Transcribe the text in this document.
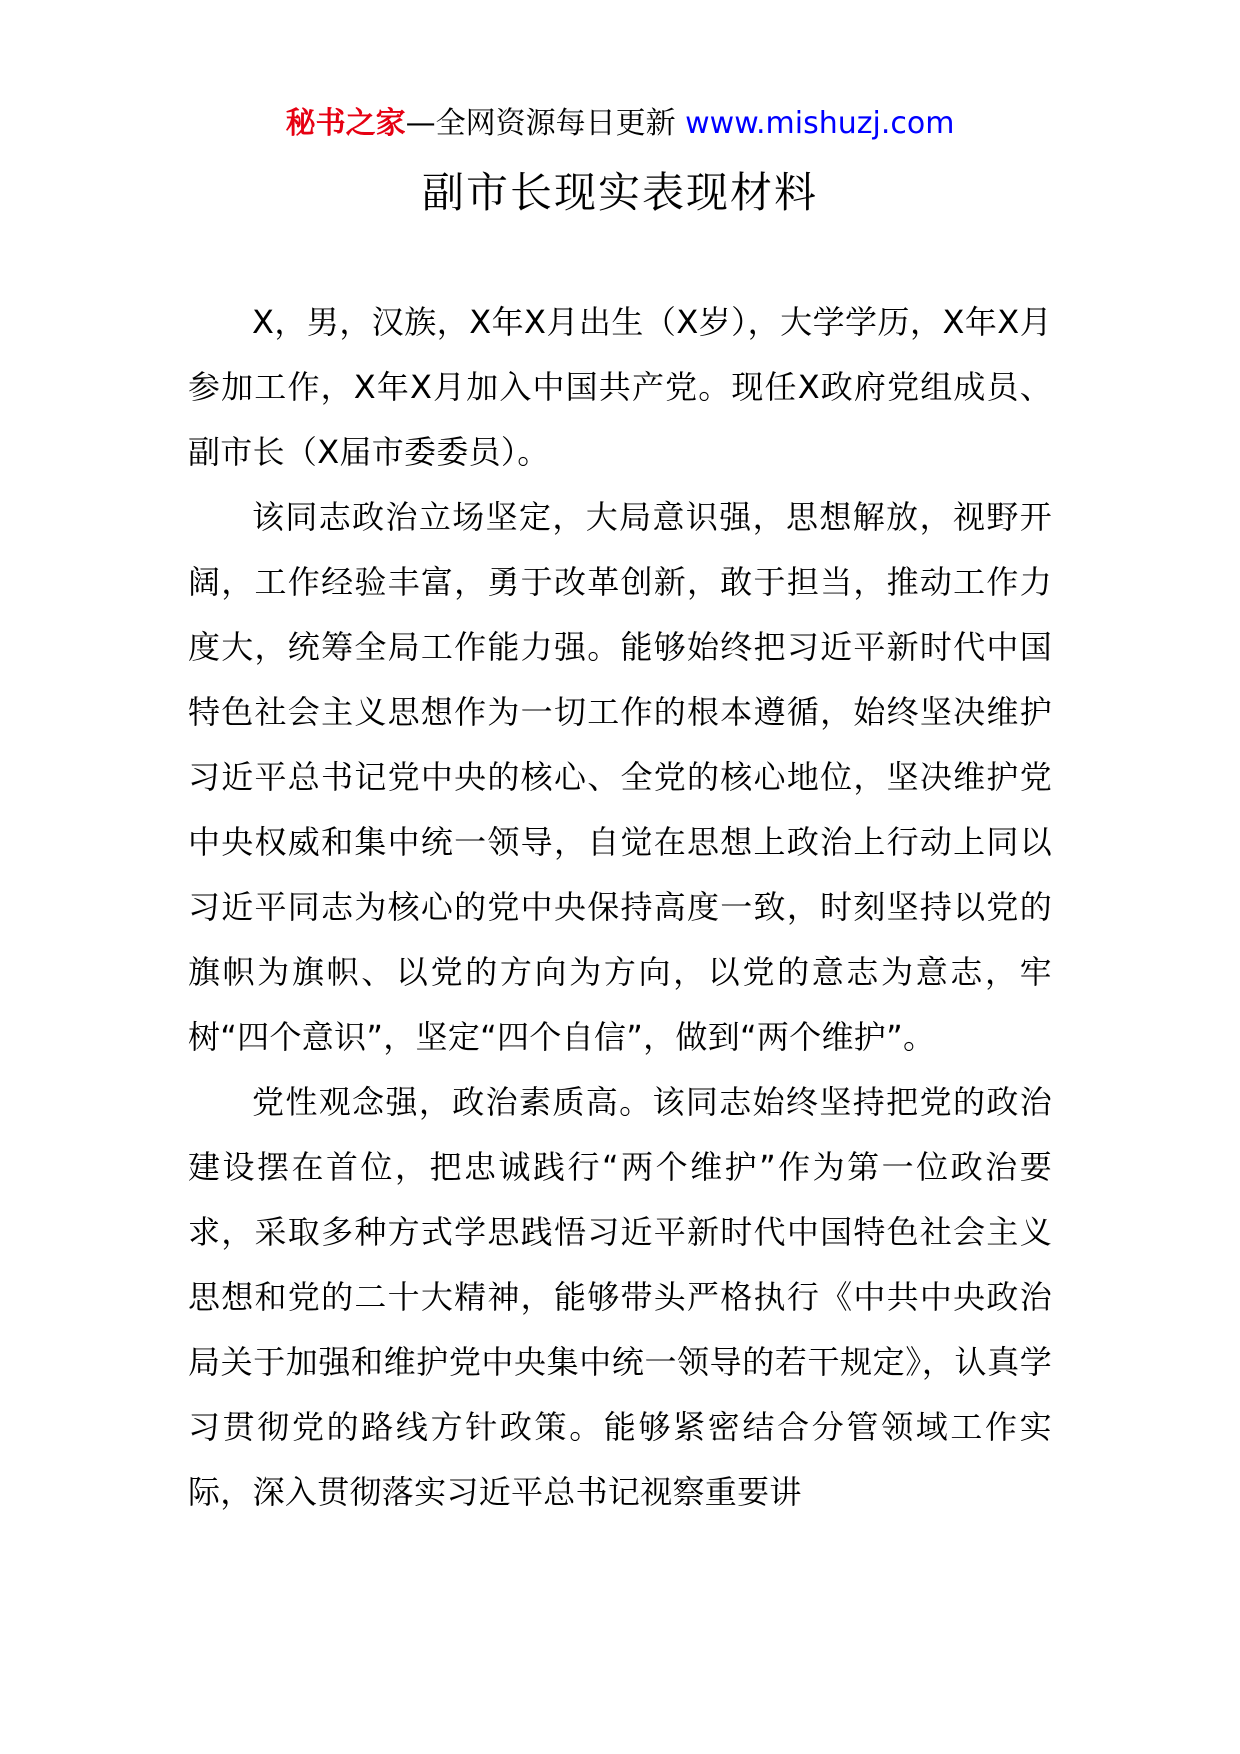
秘书之家—全网资源每日更新 www.mishuzj.com
副市长现实表现材料

X，男，汉族，X年X月出生（X岁），大学学历，X年X月参加工作，X年X月加入中国共产党。现任X政府党组成员、副市长（X届市委委员）。

该同志政治立场坚定，大局意识强，思想解放，视野开阔，工作经验丰富，勇于改革创新，敢于担当，推动工作力度大，统筹全局工作能力强。能够始终把习近平新时代中国特色社会主义思想作为一切工作的根本遵循，始终坚决维护习近平总书记党中央的核心、全党的核心地位，坚决维护党中央权威和集中统一领导，自觉在思想上政治上行动上同以习近平同志为核心的党中央保持高度一致，时刻坚持以党的旗帜为旗帜、以党的方向为方向，以党的意志为意志，牢树“四个意识”，坚定“四个自信”，做到“两个维护”。

党性观念强，政治素质高。该同志始终坚持把党的政治建设摆在首位，把忠诚践行“两个维护”作为第一位政治要求，采取多种方式学思践悟习近平新时代中国特色社会主义思想和党的二十大精神，能够带头严格执行《中共中央政治局关于加强和维护党中央集中统一领导的若干规定》，认真学习贯彻党的路线方针政策。能够紧密结合分管领域工作实际，深入贯彻落实习近平总书记视察重要讲
